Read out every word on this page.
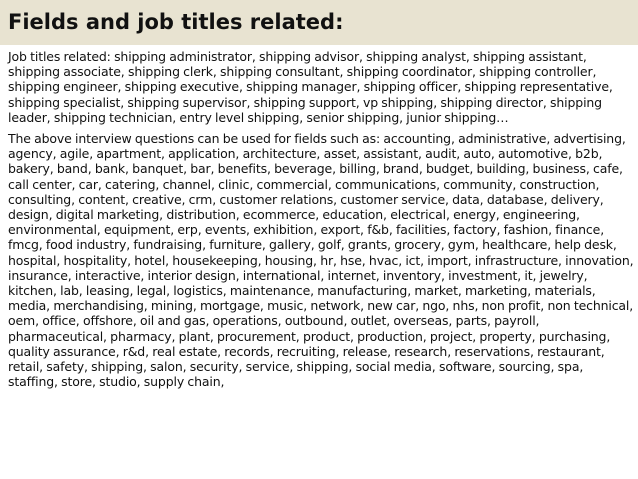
Fields and job titles related:

Job titles related: shipping administrator, shipping advisor, shipping analyst, shipping assistant, shipping associate, shipping clerk, shipping consultant, shipping coordinator, shipping controller, shipping engineer, shipping executive, shipping manager, shipping officer, shipping representative, shipping specialist, shipping supervisor, shipping support, vp shipping, shipping director, shipping leader, shipping technician, entry level shipping, senior shipping, junior shipping…

The above interview questions can be used for fields such as: accounting, administrative, advertising, agency, agile, apartment, application, architecture, asset, assistant, audit, auto, automotive, b2b, bakery, band, bank, banquet, bar, benefits, beverage, billing, brand, budget, building, business, cafe, call center, car, catering, channel, clinic, commercial, communications, community, construction, consulting, content, creative, crm, customer relations, customer service, data, database, delivery, design, digital marketing, distribution, ecommerce, education, electrical, energy, engineering, environmental, equipment, erp, events, exhibition, export, f&b, facilities, factory, fashion, finance, fmcg, food industry, fundraising, furniture, gallery, golf, grants, grocery, gym, healthcare, help desk, hospital, hospitality, hotel, housekeeping, housing, hr, hse, hvac, ict, import, infrastructure, innovation, insurance, interactive, interior design, international, internet, inventory, investment, it, jewelry, kitchen, lab, leasing, legal, logistics, maintenance, manufacturing, market, marketing, materials, media, merchandising, mining, mortgage, music, network, new car, ngo, nhs, non profit, non technical, oem, office, offshore, oil and gas, operations, outbound, outlet, overseas, parts, payroll, pharmaceutical, pharmacy, plant, procurement, product, production, project, property, purchasing, quality assurance, r&d, real estate, records, recruiting, release, research, reservations, restaurant, retail, safety, shipping, salon, security, service, shipping, social media, software, sourcing, spa, staffing, store, studio, supply chain,
